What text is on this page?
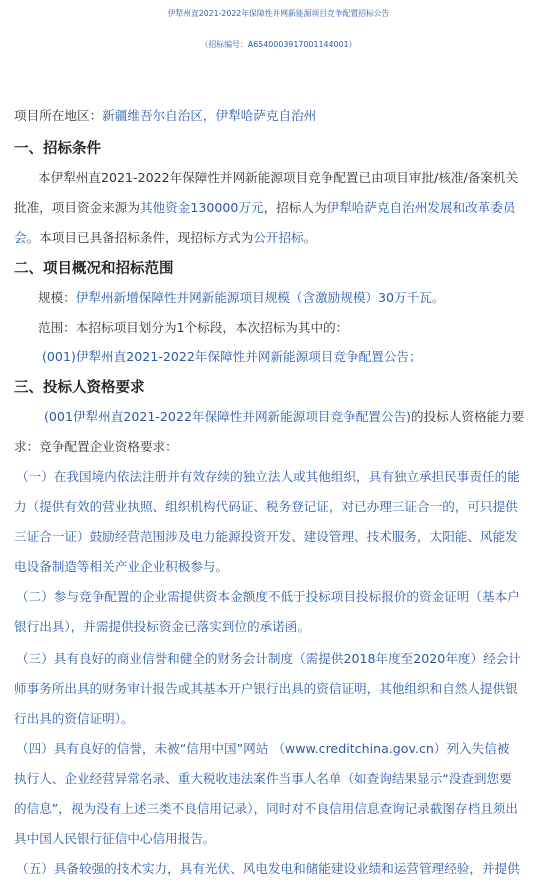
伊犁州直2021-2022年保障性并网新能源项目竞争配置招标公告
（招标编号：A6540003917001144001）
项目所在地区：新疆维吾尔自治区，伊犁哈萨克自治州
一、招标条件
本伊犁州直2021-2022年保障性并网新能源项目竞争配置已由项目审批/核准/备案机关
批准，项目资金来源为其他资金130000万元，招标人为伊犁哈萨克自治州发展和改革委员
会。本项目已具备招标条件，现招标方式为公开招标。
二、项目概况和招标范围
规模：伊犁州新增保障性并网新能源项目规模（含激励规模）30万千瓦。
范围：本招标项目划分为1个标段，本次招标为其中的：
(001)伊犁州直2021-2022年保障性并网新能源项目竞争配置公告；
三、投标人资格要求
(001伊犁州直2021-2022年保障性并网新能源项目竞争配置公告)的投标人资格能力要
求：竞争配置企业资格要求：
（一）在我国境内依法注册并有效存续的独立法人或其他组织，具有独立承担民事责任的能
力（提供有效的营业执照、组织机构代码证、税务登记证，对已办理三证合一的，可只提供
三证合一证）鼓励经营范围涉及电力能源投资开发、建设管理、技术服务，太阳能、风能发
电设备制造等相关产业企业积极参与。
（二）参与竞争配置的企业需提供资本金额度不低于投标项目投标报价的资金证明（基本户
银行出具），并需提供投标资金已落实到位的承诺函。
（三）具有良好的商业信誉和健全的财务会计制度（需提供2018年度至2020年度）经会计
师事务所出具的财务审计报告或其基本开户银行出具的资信证明，其他组织和自然人提供银
行出具的资信证明）。
（四）具有良好的信誉，未被“信用中国”网站 （www.creditchina.gov.cn）列入失信被
执行人、企业经营异常名录、重大税收违法案件当事人名单（如查询结果显示“没查到您要
的信息”，视为没有上述三类不良信用记录），同时对不良信用信息查询记录截图存档且须出
具中国人民银行征信中心信用报告。
（五）具备较强的技术实力，具有光伏、风电发电和储能建设业绩和运营管理经验，并提供
